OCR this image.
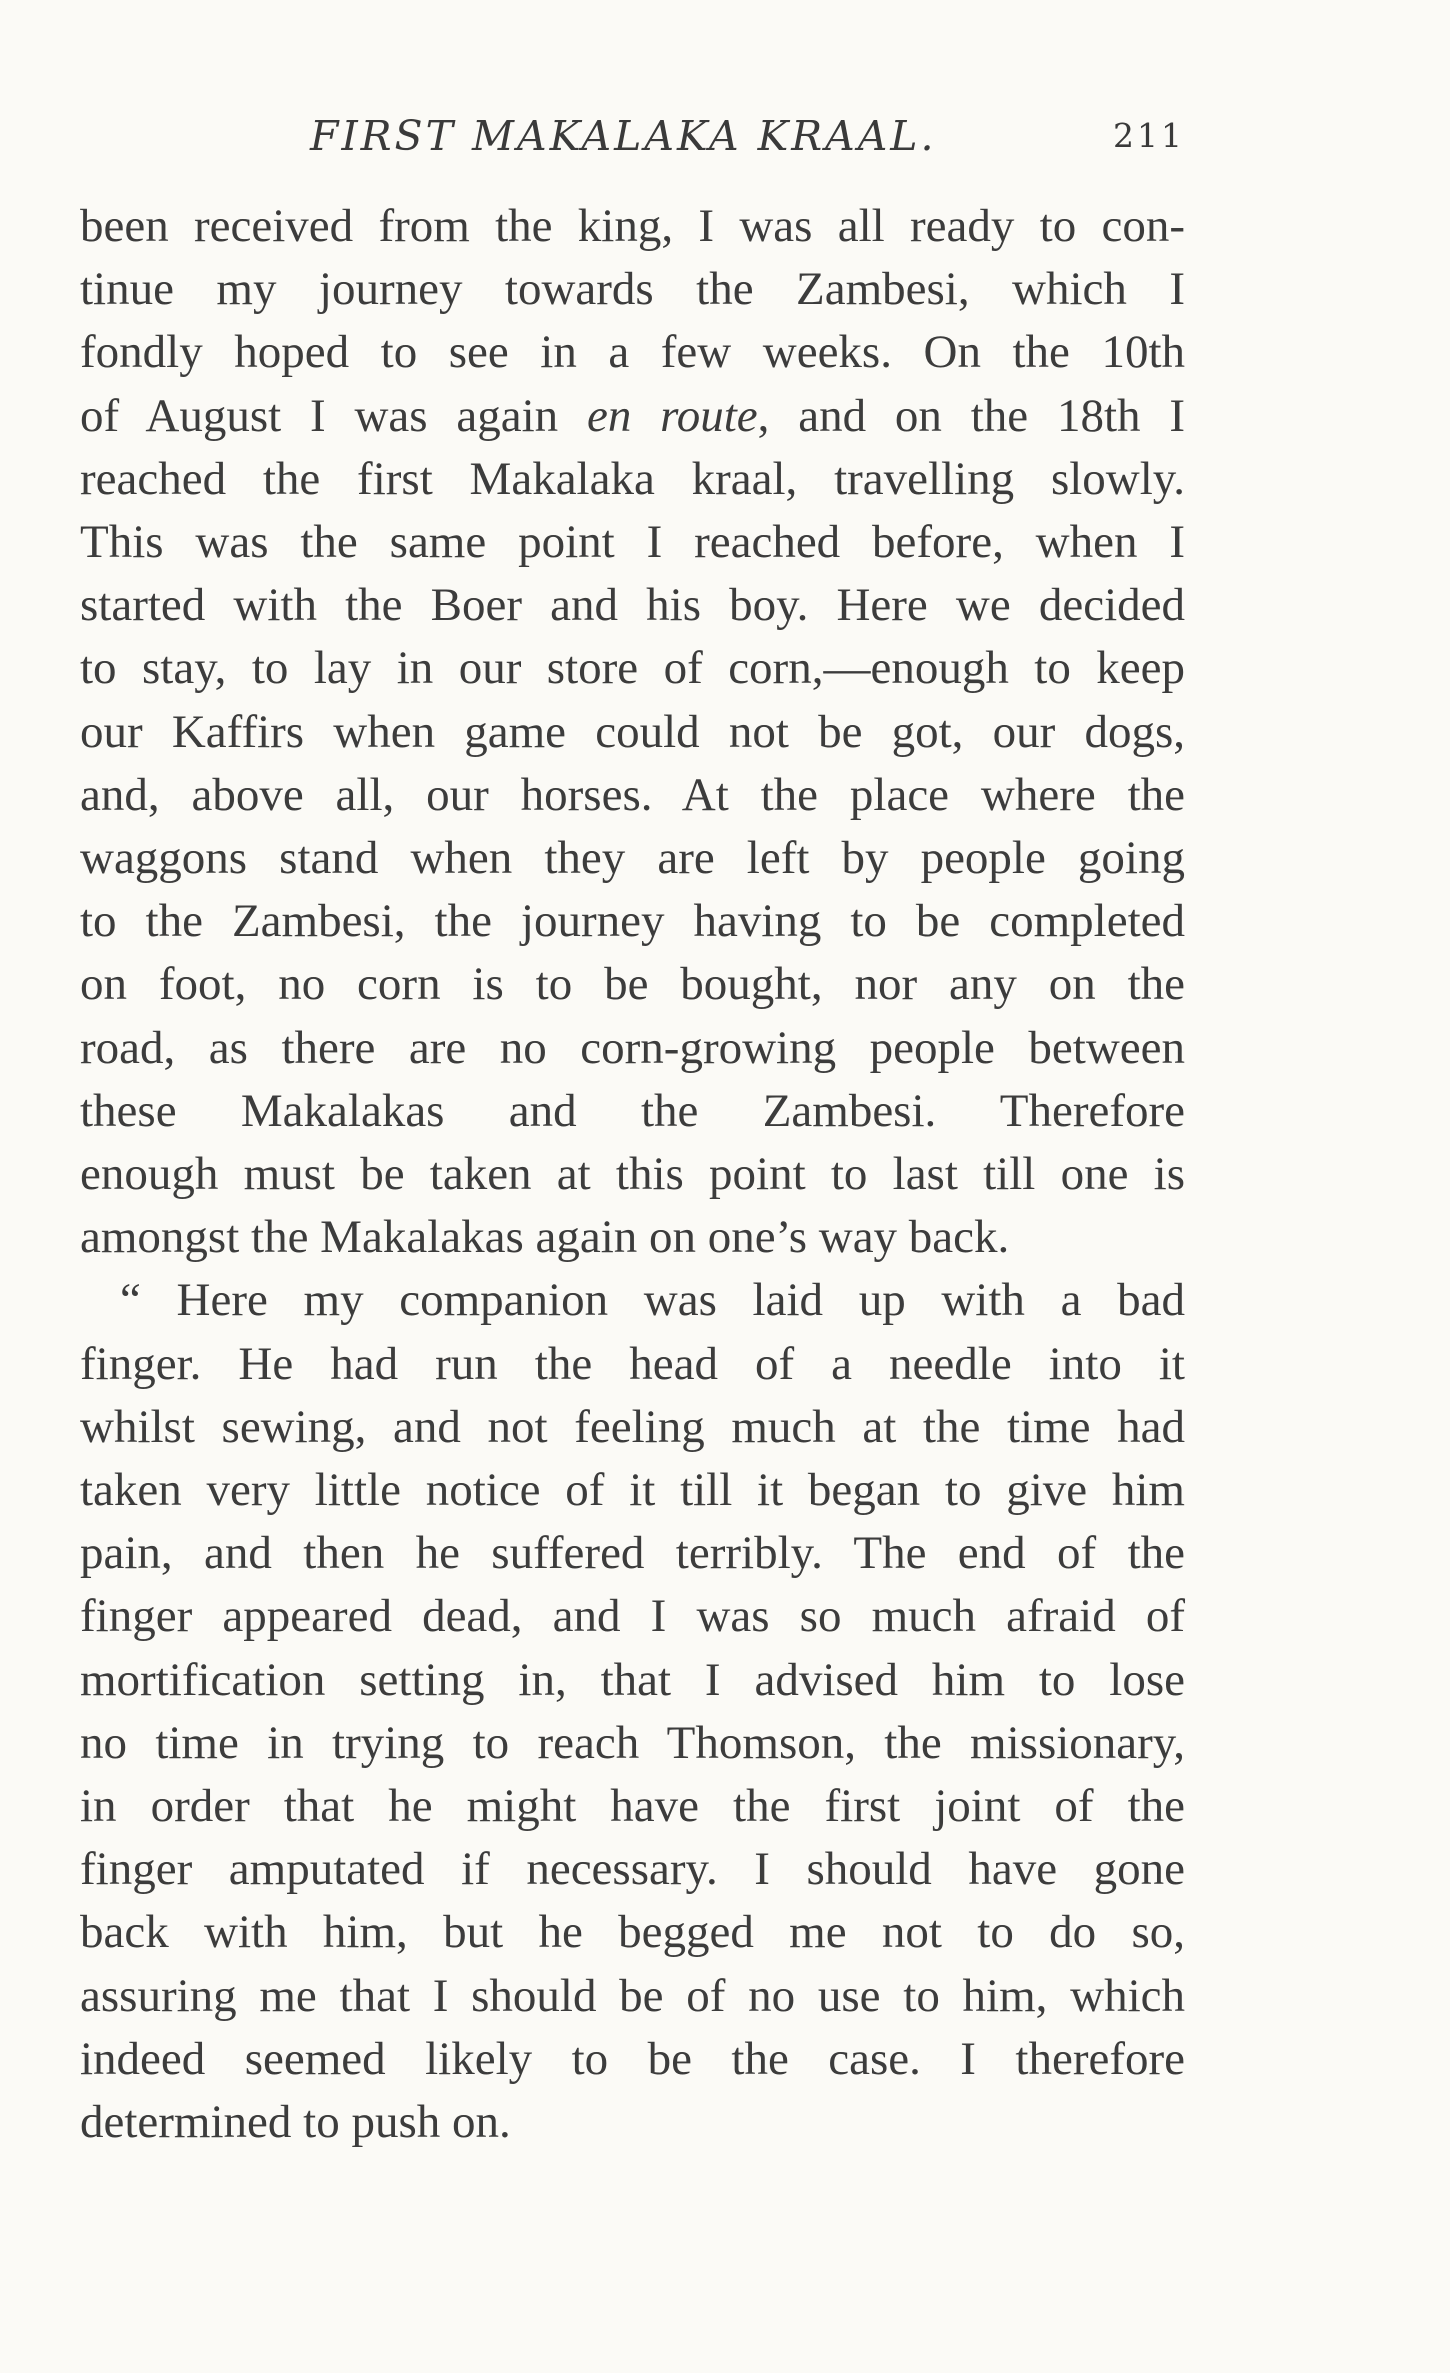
FIRST MAKALAKA KRAAL.	211
been received from the king, I was all ready to con-
tinue my journey towards the Zambesi, which I
fondly hoped to see in a few weeks. On the 10th
of August I was again en route, and on the 18th I
reached the first Makalaka kraal, travelling slowly.
This was the same point I reached before, when I
started with the Boer and his boy. Here we decided
to stay, to lay in our store of corn,—enough to keep
our Kaffirs when game could not be got, our dogs,
and, above all, our horses. At the place where the
waggons stand when they are left by people going
to the Zambesi, the journey having to be completed
on foot, no corn is to be bought, nor any on the
road, as there are no corn-growing people between
these Makalakas and the Zambesi. Therefore
enough must be taken at this point to last till one is
amongst the Makalakas again on one’s way back.
“ Here my companion was laid up with a bad
finger. He had run the head of a needle into it
whilst sewing, and not feeling much at the time had
taken very little notice of it till it began to give him
pain, and then he suffered terribly. The end of the
finger appeared dead, and I was so much afraid of
mortification setting in, that I advised him to lose
no time in trying to reach Thomson, the missionary,
in order that he might have the first joint of the
finger amputated if necessary. I should have gone
back with him, but he begged me not to do so,
assuring me that I should be of no use to him, which
indeed seemed likely to be the case. I therefore
determined to push on.
